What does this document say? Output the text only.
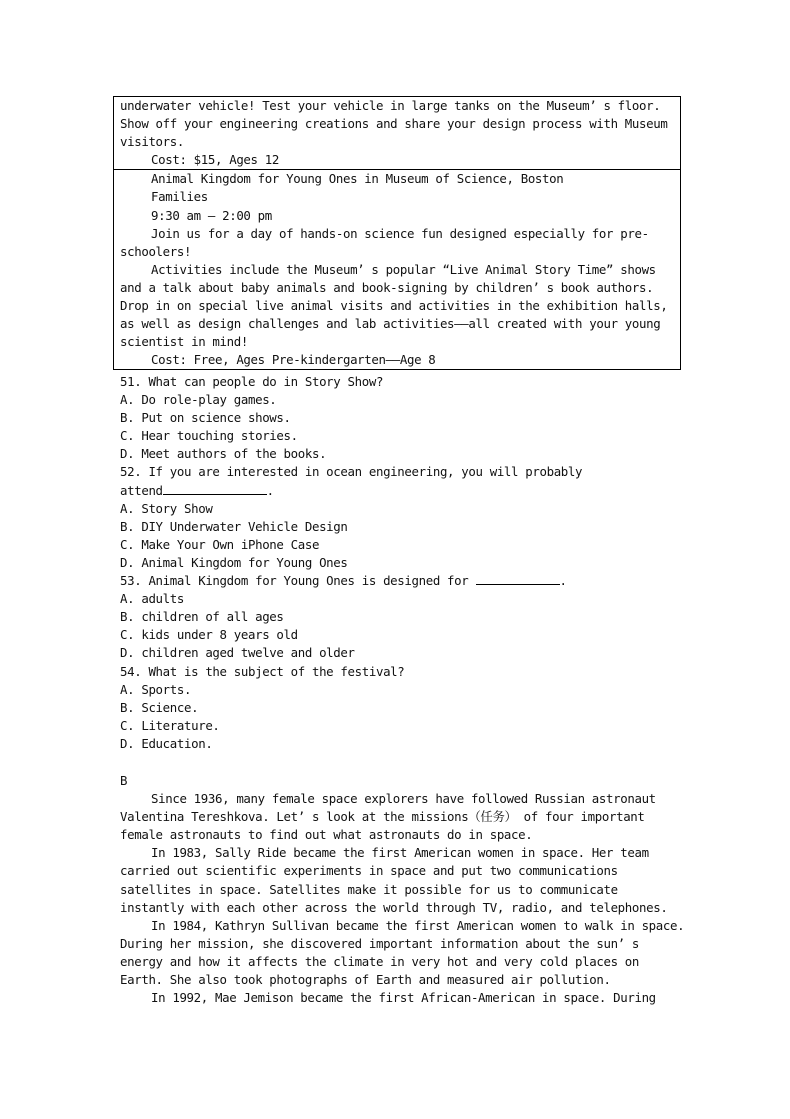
underwater vehicle! Test your vehicle in large tanks on the Museum’ s floor.
Show off your engineering creations and share your design process with Museum
visitors.
Cost: $15, Ages 12
Animal Kingdom for Young Ones in Museum of Science, Boston
Families
9:30 am – 2:00 pm
Join us for a day of hands-on science fun designed especially for pre-
schoolers!
Activities include the Museum’ s popular “Live Animal Story Time” shows
and a talk about baby animals and book-signing by children’ s book authors.
Drop in on special live animal visits and activities in the exhibition halls,
as well as design challenges and lab activities——all created with your young
scientist in mind!
Cost: Free, Ages Pre-kindergarten——Age 8
51. What can people do in Story Show?
A. Do role-play games.
B. Put on science shows.
C. Hear touching stories.
D. Meet authors of the books.
52. If you are interested in ocean engineering, you will probably
attend	.
A. Story Show
B. DIY Underwater Vehicle Design
C. Make Your Own iPhone Case
D. Animal Kingdom for Young Ones
53. Animal Kingdom for Young Ones is designed for	.
A. adults
B. children of all ages
C. kids under 8 years old
D. children aged twelve and older
54. What is the subject of the festival?
A. Sports.
B. Science.
C. Literature.
D. Education.
B
Since 1936, many female space explorers have followed Russian astronaut
Valentina Tereshkova. Let’ s look at the missions（任务） of four important
female astronauts to find out what astronauts do in space.
In 1983, Sally Ride became the first American women in space. Her team
carried out scientific experiments in space and put two communications
satellites in space. Satellites make it possible for us to communicate
instantly with each other across the world through TV, radio, and telephones.
In 1984, Kathryn Sullivan became the first American women to walk in space.
During her mission, she discovered important information about the sun’ s
energy and how it affects the climate in very hot and very cold places on
Earth. She also took photographs of Earth and measured air pollution.
In 1992, Mae Jemison became the first African-American in space. During
